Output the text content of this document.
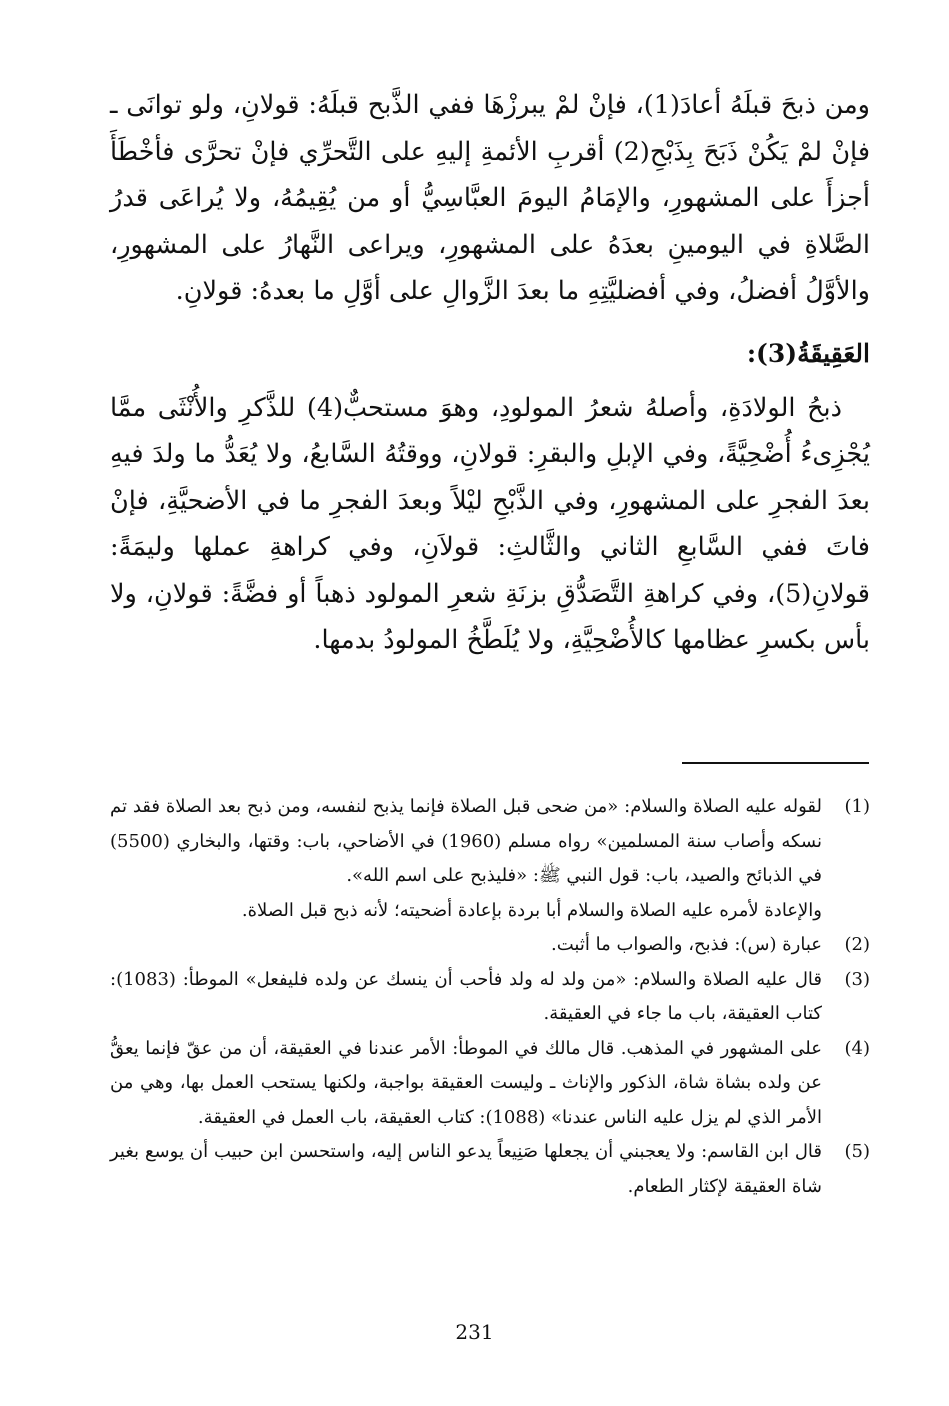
ومن ذبحَ قبلَهُ أعادَ(1)، فإنْ لمْ يبرزْهَا ففي الذَّبح قبلَهُ: قولانِ، ولو توانَى ـ فإنْ لمْ يَكُنْ ذَبَحَ بِذَبْحِ(2) أقربِ الأئمةِ إليهِ على التَّحرِّي فإنْ تحرَّى فأخْطَأَ أجزأَ على المشهورِ، والإمَامُ اليومَ العبَّاسِيُّ أو من يُقِيمُهُ، ولا يُراعَى قدرُ الصَّلاةِ في اليومينِ بعدَهُ على المشهورِ، ويراعى النَّهارُ على المشهورِ، والأوَّلُ أفضلُ، وفي أفضليَّتِهِ ما بعدَ الزَّوالِ على أوَّلِ ما بعدهُ: قولانِ.

العَقِيقَةُ(3):

ذبحُ الولادَةِ، وأصلهُ شعرُ المولودِ، وهوَ مستحبٌّ(4) للذَّكرِ والأُنْثَى ممَّا يُجْزِىءُ أُضْحِيَّةً، وفي الإبلِ والبقرِ: قولانِ، ووقتُهُ السَّابعُ، ولا يُعَدُّ ما ولدَ فيهِ بعدَ الفجرِ على المشهورِ، وفي الذَّبْحِ ليْلاً وبعدَ الفجرِ ما في الأضحيَّةِ، فإنْ فاتَ ففي السَّابعِ الثاني والثَّالثِ: قولاَنِ، وفي كراهةِ عملها وليمَةً: قولانِ(5)، وفي كراهةِ التَّصَدُّقِ بزنَةِ شعرِ المولود ذهباً أو فضَّةً: قولانِ، ولا بأس بكسرِ عظامها كالأُضْحِيَّةِ، ولا يُلَطَّخُ المولودُ بدمها.

(1)
لقوله عليه الصلاة والسلام: «من ضحى قبل الصلاة فإنما يذبح لنفسه، ومن ذبح بعد الصلاة فقد تم نسكه وأصاب سنة المسلمين» رواه مسلم (1960) في الأضاحي، باب: وقتها، والبخاري (5500) في الذبائح والصيد، باب: قول النبي ﷺ: «فليذبح على اسم الله».
والإعادة لأمره عليه الصلاة والسلام أبا بردة بإعادة أضحيته؛ لأنه ذبح قبل الصلاة.
(2)
عبارة (س): فذبح، والصواب ما أثبت.
(3)
قال عليه الصلاة والسلام: «من ولد له ولد فأحب أن ينسك عن ولده فليفعل» الموطأ: (1083): كتاب العقيقة، باب ما جاء في العقيقة.
(4)
على المشهور في المذهب. قال مالك في الموطأ: الأمر عندنا في العقيقة، أن من عقّ فإنما يعقُّ عن ولده بشاة شاة، الذكور والإناث ـ وليست العقيقة بواجبة، ولكنها يستحب العمل بها، وهي من الأمر الذي لم يزل عليه الناس عندنا» (1088): كتاب العقيقة، باب العمل في العقيقة.
(5)
قال ابن القاسم: ولا يعجبني أن يجعلها صَنِيعاً يدعو الناس إليه، واستحسن ابن حبيب أن يوسع بغير شاة العقيقة لإكثار الطعام.
231
